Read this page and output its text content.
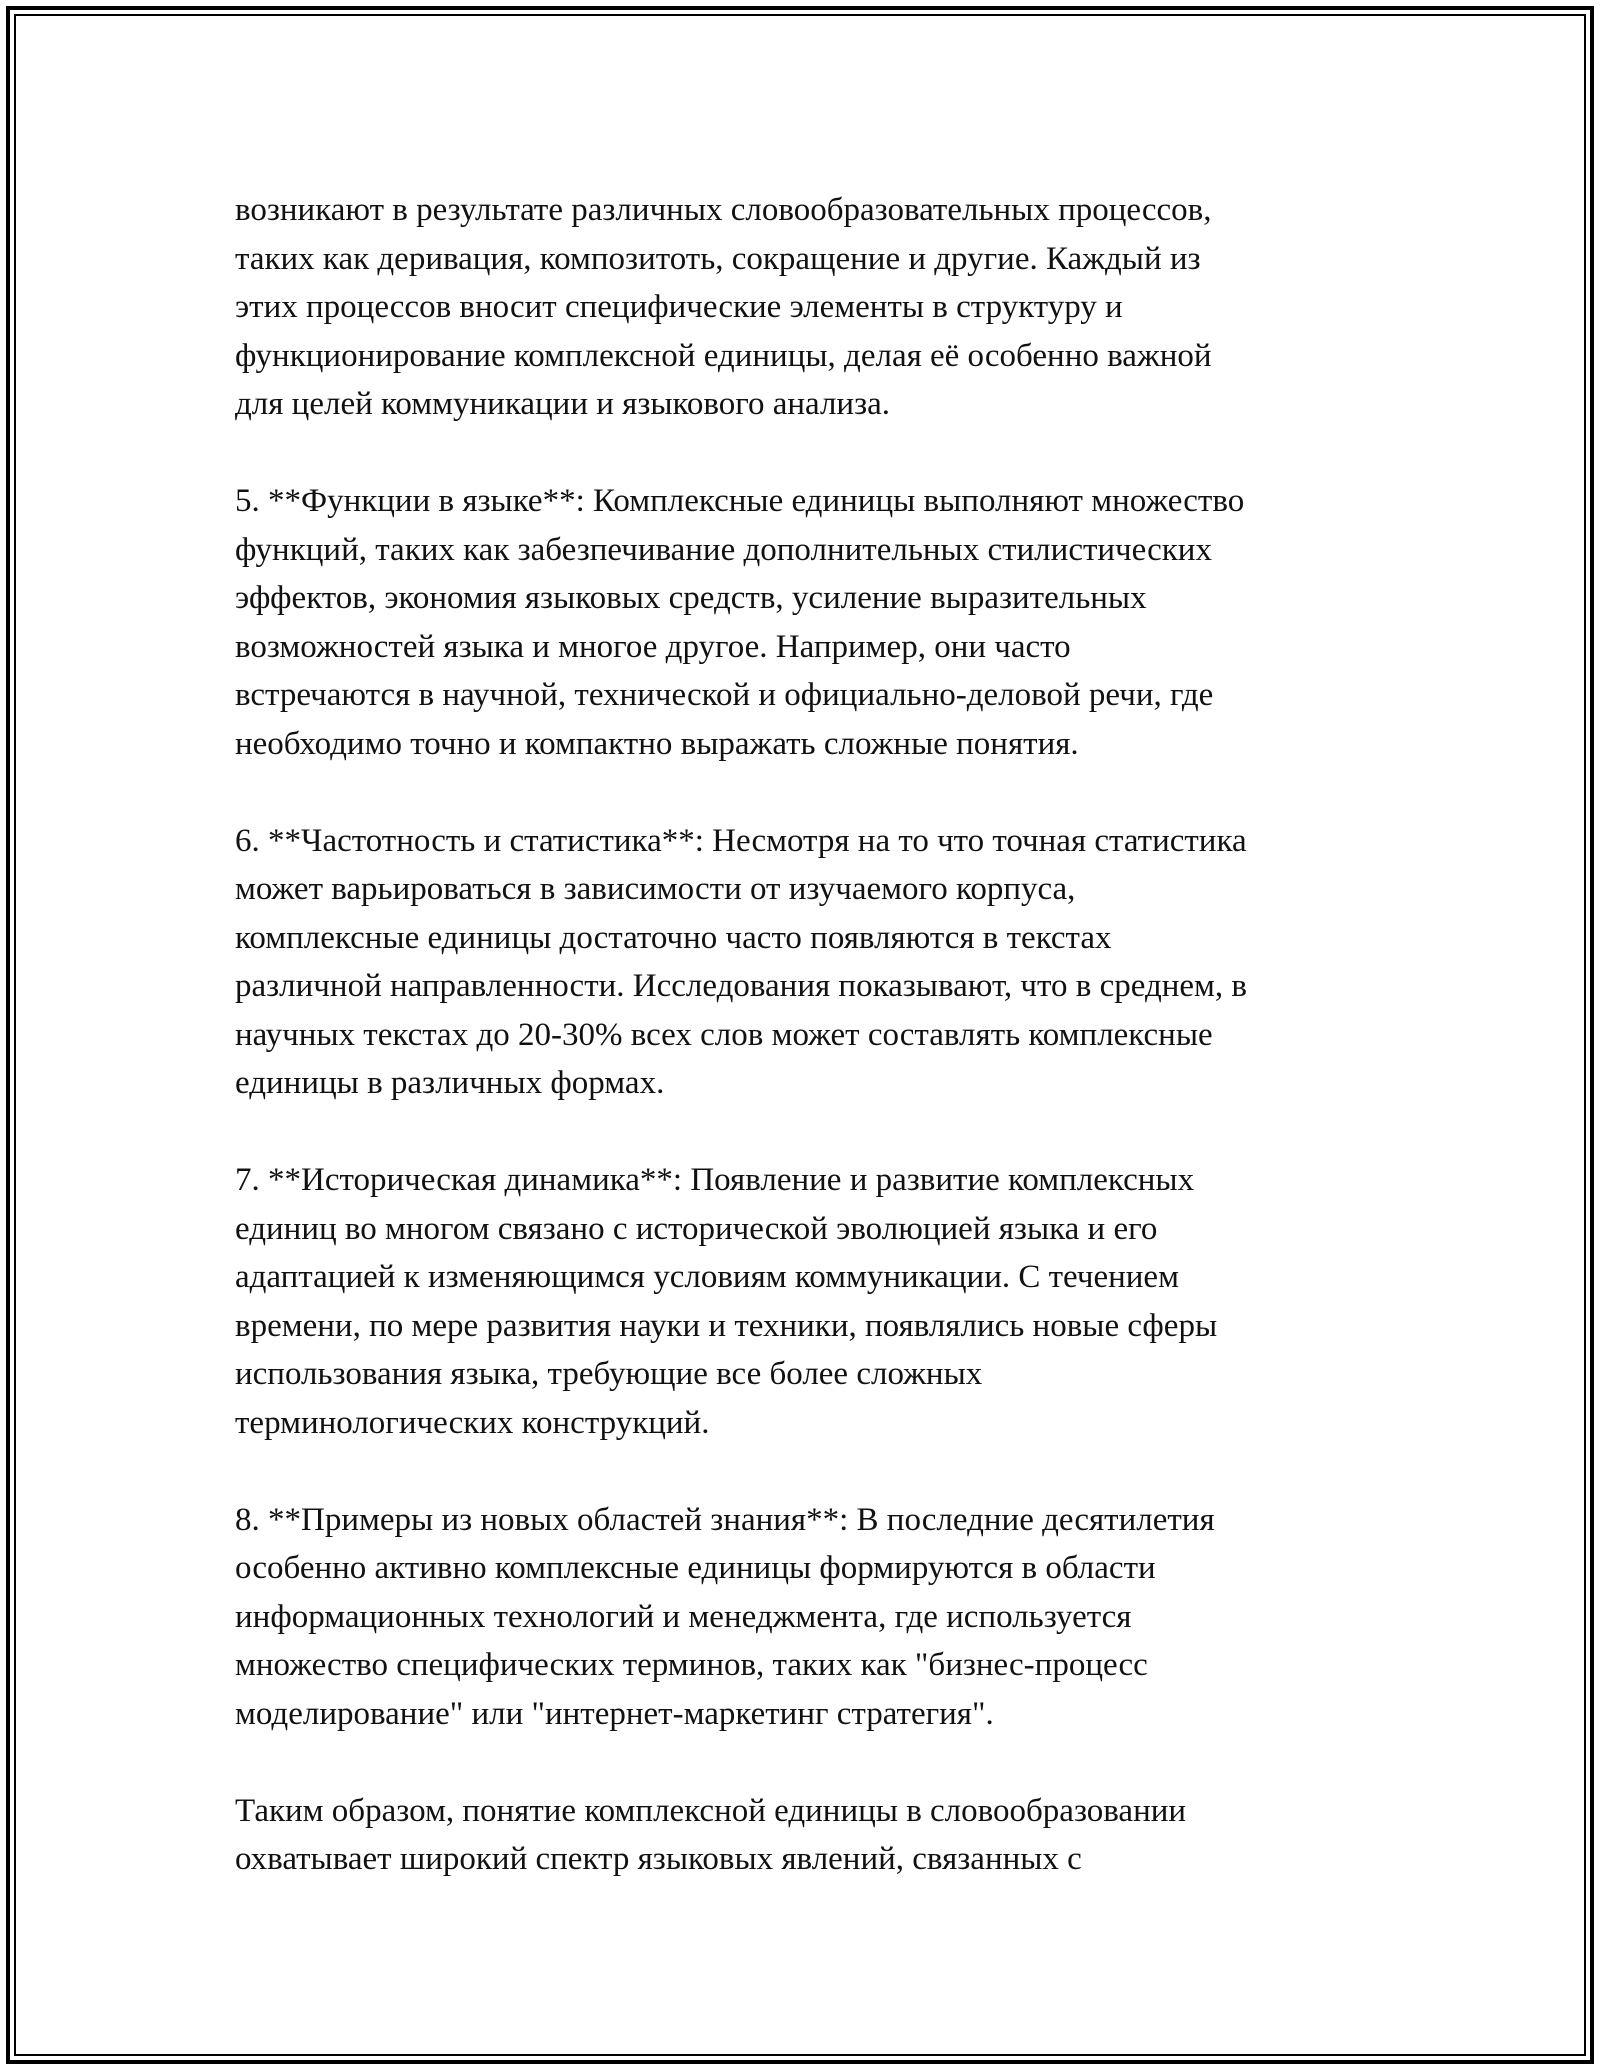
возникают в результате различных словообразовательных процессов,
таких как деривация, композитоть, сокращение и другие. Каждый из
этих процессов вносит специфические элементы в структуру и
функционирование комплексной единицы, делая её особенно важной
для целей коммуникации и языкового анализа.

5. **Функции в языке**: Комплексные единицы выполняют множество
функций, таких как забезпечивание дополнительных стилистических
эффектов, экономия языковых средств, усиление выразительных
возможностей языка и многое другое. Например, они часто
встречаются в научной, технической и официально-деловой речи, где
необходимо точно и компактно выражать сложные понятия.

6. **Частотность и статистика**: Несмотря на то что точная статистика
может варьироваться в зависимости от изучаемого корпуса,
комплексные единицы достаточно часто появляются в текстах
различной направленности. Исследования показывают, что в среднем, в
научных текстах до 20-30% всех слов может составлять комплексные
единицы в различных формах.

7. **Историческая динамика**: Появление и развитие комплексных
единиц во многом связано с исторической эволюцией языка и его
адаптацией к изменяющимся условиям коммуникации. С течением
времени, по мере развития науки и техники, появлялись новые сферы
использования языка, требующие все более сложных
терминологических конструкций.

8. **Примеры из новых областей знания**: В последние десятилетия
особенно активно комплексные единицы формируются в области
информационных технологий и менеджмента, где используется
множество специфических терминов, таких как "бизнес-процесс
моделирование" или "интернет-маркетинг стратегия".

Таким образом, понятие комплексной единицы в словообразовании
охватывает широкий спектр языковых явлений, связанных с
